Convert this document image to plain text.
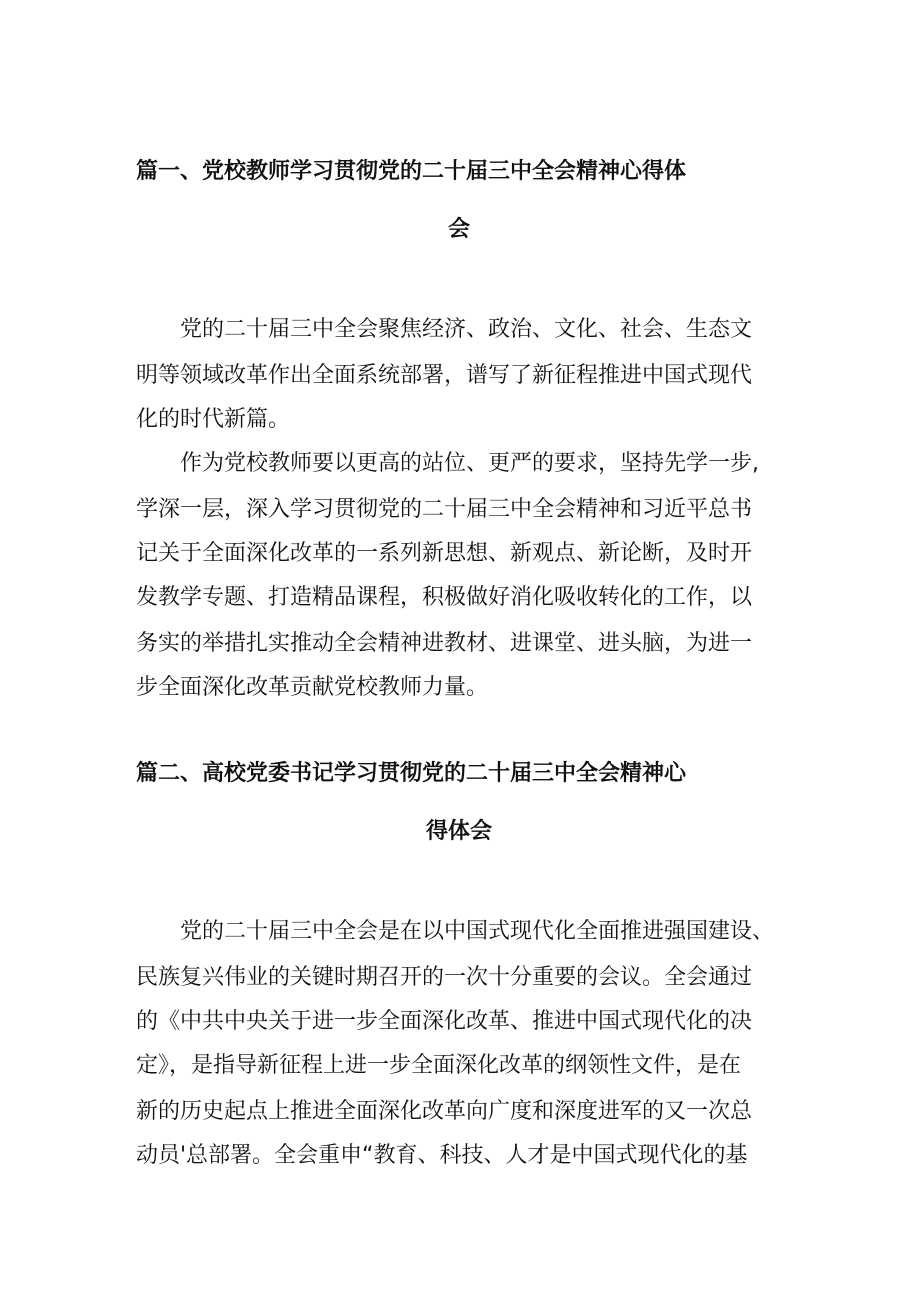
篇一、党校教师学习贯彻党的二十届三中全会精神心得体
会
党的二十届三中全会聚焦经济、政治、文化、社会、生态文
明等领域改革作出全面系统部署，谱写了新征程推进中国式现代
化的时代新篇。
作为党校教师要以更高的站位、更严的要求，坚持先学一步,
学深一层，深入学习贯彻党的二十届三中全会精神和习近平总书
记关于全面深化改革的一系列新思想、新观点、新论断，及时开
发教学专题、打造精品课程，积极做好消化吸收转化的工作，以
务实的举措扎实推动全会精神进教材、进课堂、进头脑，为进一
步全面深化改革贡献党校教师力量。
篇二、高校党委书记学习贯彻党的二十届三中全会精神心
得体会
党的二十届三中全会是在以中国式现代化全面推进强国建设、
民族复兴伟业的关键时期召开的一次十分重要的会议。全会通过
的《中共中央关于进一步全面深化改革、推进中国式现代化的决
定》，是指导新征程上进一步全面深化改革的纲领性文件，是在
新的历史起点上推进全面深化改革向广度和深度进军的又一次总
动员'总部署。全会重申“教育、科技、人才是中国式现代化的基
